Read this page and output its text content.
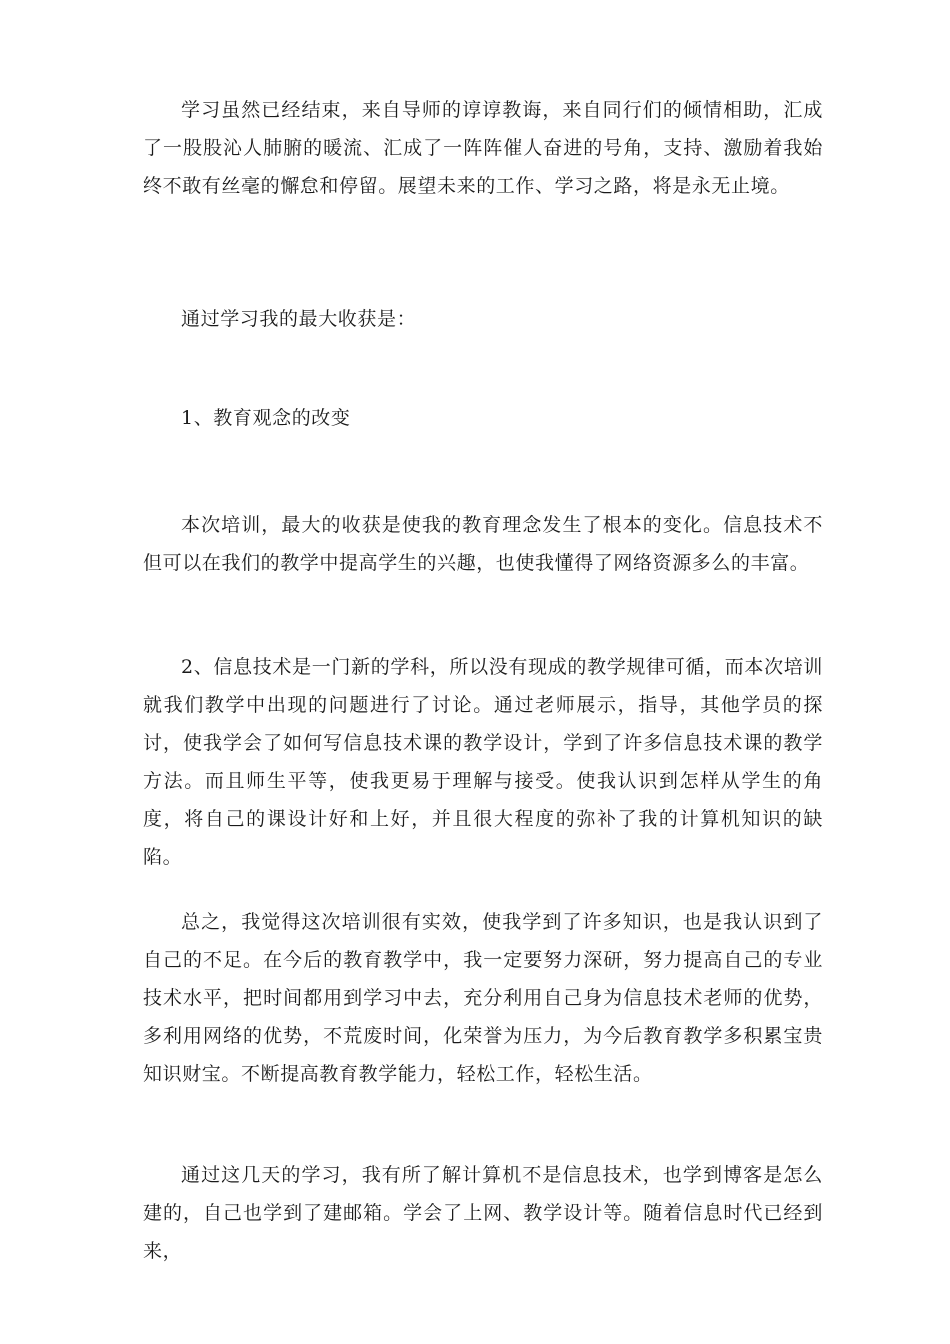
学习虽然已经结束，来自导师的谆谆教诲，来自同行们的倾情相助，汇成了一股股沁人肺腑的暖流、汇成了一阵阵催人奋进的号角，支持、激励着我始终不敢有丝毫的懈怠和停留。展望未来的工作、学习之路，将是永无止境。

通过学习我的最大收获是：

1、教育观念的改变

本次培训，最大的收获是使我的教育理念发生了根本的变化。信息技术不但可以在我们的教学中提高学生的兴趣，也使我懂得了网络资源多么的丰富。

2、信息技术是一门新的学科，所以没有现成的教学规律可循，而本次培训就我们教学中出现的问题进行了讨论。通过老师展示，指导，其他学员的探讨，使我学会了如何写信息技术课的教学设计，学到了许多信息技术课的教学方法。而且师生平等，使我更易于理解与接受。使我认识到怎样从学生的角度，将自己的课设计好和上好，并且很大程度的弥补了我的计算机知识的缺陷。

总之，我觉得这次培训很有实效，使我学到了许多知识，也是我认识到了自己的不足。在今后的教育教学中，我一定要努力深研，努力提高自己的专业技术水平，把时间都用到学习中去，充分利用自己身为信息技术老师的优势，多利用网络的优势，不荒废时间，化荣誉为压力，为今后教育教学多积累宝贵知识财宝。不断提高教育教学能力，轻松工作，轻松生活。

通过这几天的学习，我有所了解计算机不是信息技术，也学到博客是怎么建的，自己也学到了建邮箱。学会了上网、教学设计等。随着信息时代已经到来，
